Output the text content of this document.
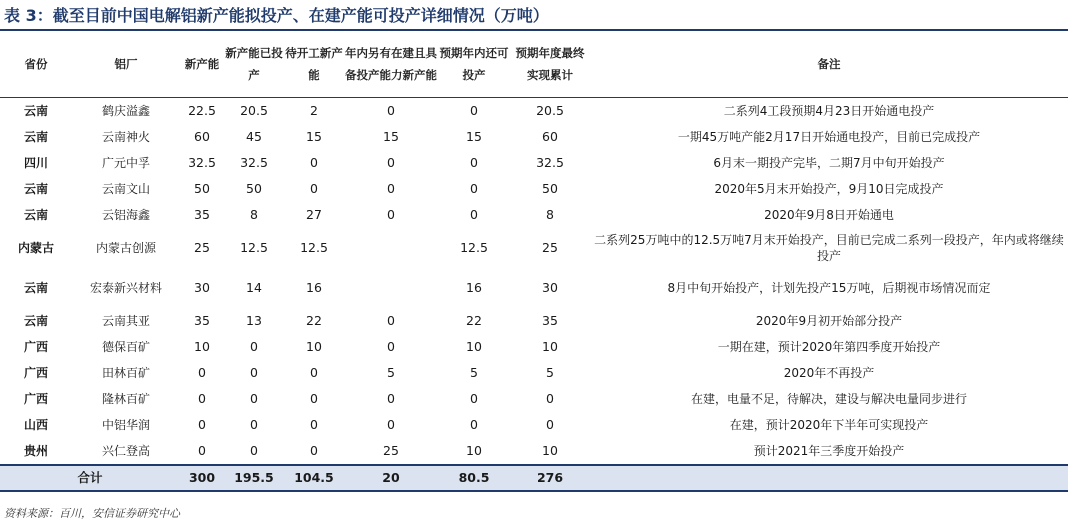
表 3：截至目前中国电解铝新产能拟投产、在建产能可投产详细情况（万吨）
省份	铝厂	新产能	新产能已投产	待开工新产能	年内另有在建且具备投产能力新产能	预期年内还可投产	预期年度最终实现累计	备注
云南	鹤庆溢鑫	22.5	20.5	2	0	0	20.5	二系列4工段预期4月23日开始通电投产
云南	云南神火	60	45	15	15	15	60	一期45万吨产能2月17日开始通电投产，目前已完成投产
四川	广元中孚	32.5	32.5	0	0	0	32.5	6月末一期投产完毕，二期7月中旬开始投产
云南	云南文山	50	50	0	0	0	50	2020年5月末开始投产，9月10日完成投产
云南	云铝海鑫	35	8	27	0	0	8	2020年9月8日开始通电
内蒙古	内蒙古创源	25	12.5	12.5		12.5	25	二系列25万吨中的12.5万吨7月末开始投产，目前已完成二系列一段投产，年内或将继续投产
云南	宏泰新兴材料	30	14	16		16	30	8月中旬开始投产，计划先投产15万吨，后期视市场情况而定
云南	云南其亚	35	13	22	0	22	35	2020年9月初开始部分投产
广西	德保百矿	10	0	10	0	10	10	一期在建，预计2020年第四季度开始投产
广西	田林百矿	0	0	0	5	5	5	2020年不再投产
广西	隆林百矿	0	0	0	0	0	0	在建，电量不足，待解决，建设与解决电量同步进行
山西	中铝华润	0	0	0	0	0	0	在建，预计2020年下半年可实现投产
贵州	兴仁登高	0	0	0	25	10	10	预计2021年三季度开始投产
合计		300	195.5	104.5	20	80.5	276	
资料来源：百川，安信证券研究中心
